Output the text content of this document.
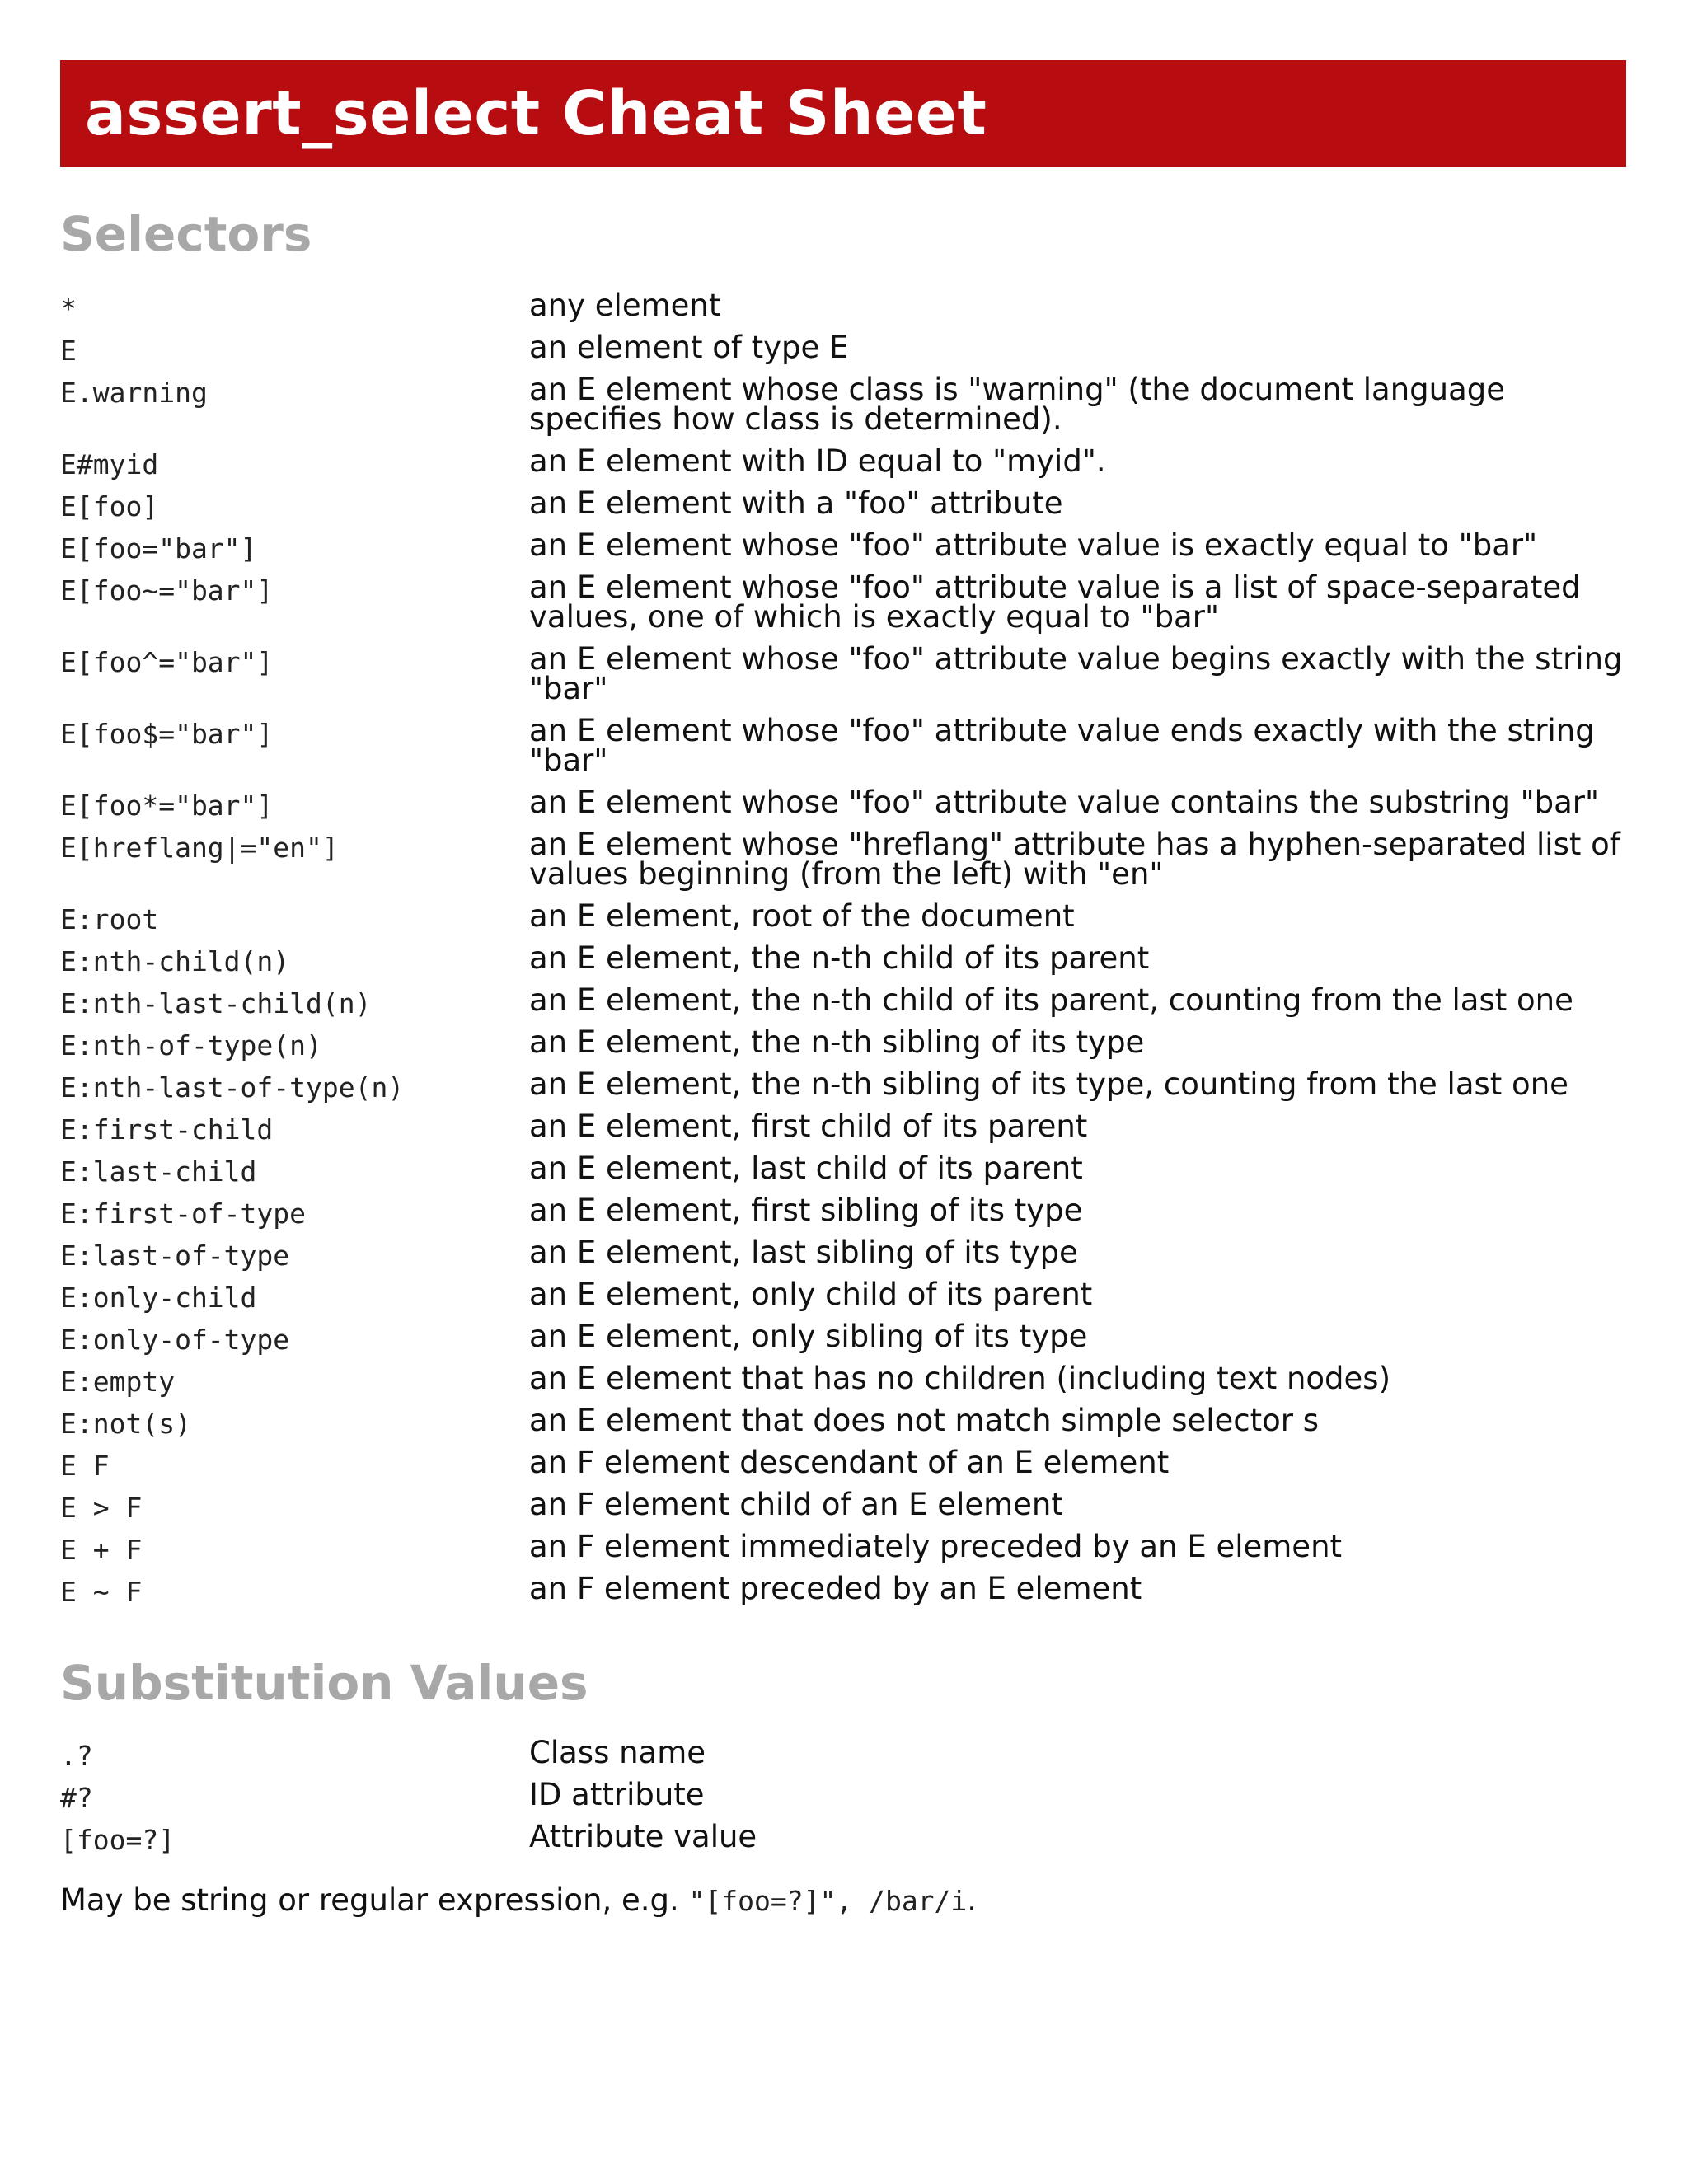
assert_select Cheat Sheet
Selectors
*	any element
E	an element of type E
E.warning	an E element whose class is "warning" (the document language specifies how class is determined).
E#myid	an E element with ID equal to "myid".
E[foo]	an E element with a "foo" attribute
E[foo="bar"]	an E element whose "foo" attribute value is exactly equal to "bar"
E[foo~="bar"]	an E element whose "foo" attribute value is a list of space-separated values, one of which is exactly equal to "bar"
E[foo^="bar"]	an E element whose "foo" attribute value begins exactly with the string "bar"
E[foo$="bar"]	an E element whose "foo" attribute value ends exactly with the string "bar"
E[foo*="bar"]	an E element whose "foo" attribute value contains the substring "bar"
E[hreflang|="en"]	an E element whose "hreflang" attribute has a hyphen-separated list of values beginning (from the left) with "en"
E:root	an E element, root of the document
E:nth-child(n)	an E element, the n-th child of its parent
E:nth-last-child(n)	an E element, the n-th child of its parent, counting from the last one
E:nth-of-type(n)	an E element, the n-th sibling of its type
E:nth-last-of-type(n)	an E element, the n-th sibling of its type, counting from the last one
E:first-child	an E element, first child of its parent
E:last-child	an E element, last child of its parent
E:first-of-type	an E element, first sibling of its type
E:last-of-type	an E element, last sibling of its type
E:only-child	an E element, only child of its parent
E:only-of-type	an E element, only sibling of its type
E:empty	an E element that has no children (including text nodes)
E:not(s)	an E element that does not match simple selector s
E F	an F element descendant of an E element
E > F	an F element child of an E element
E + F	an F element immediately preceded by an E element
E ~ F	an F element preceded by an E element
Substitution Values
.?	Class name
#?	ID attribute
[foo=?]	Attribute value

May be string or regular expression, e.g. "[foo=?]", /bar/i.
